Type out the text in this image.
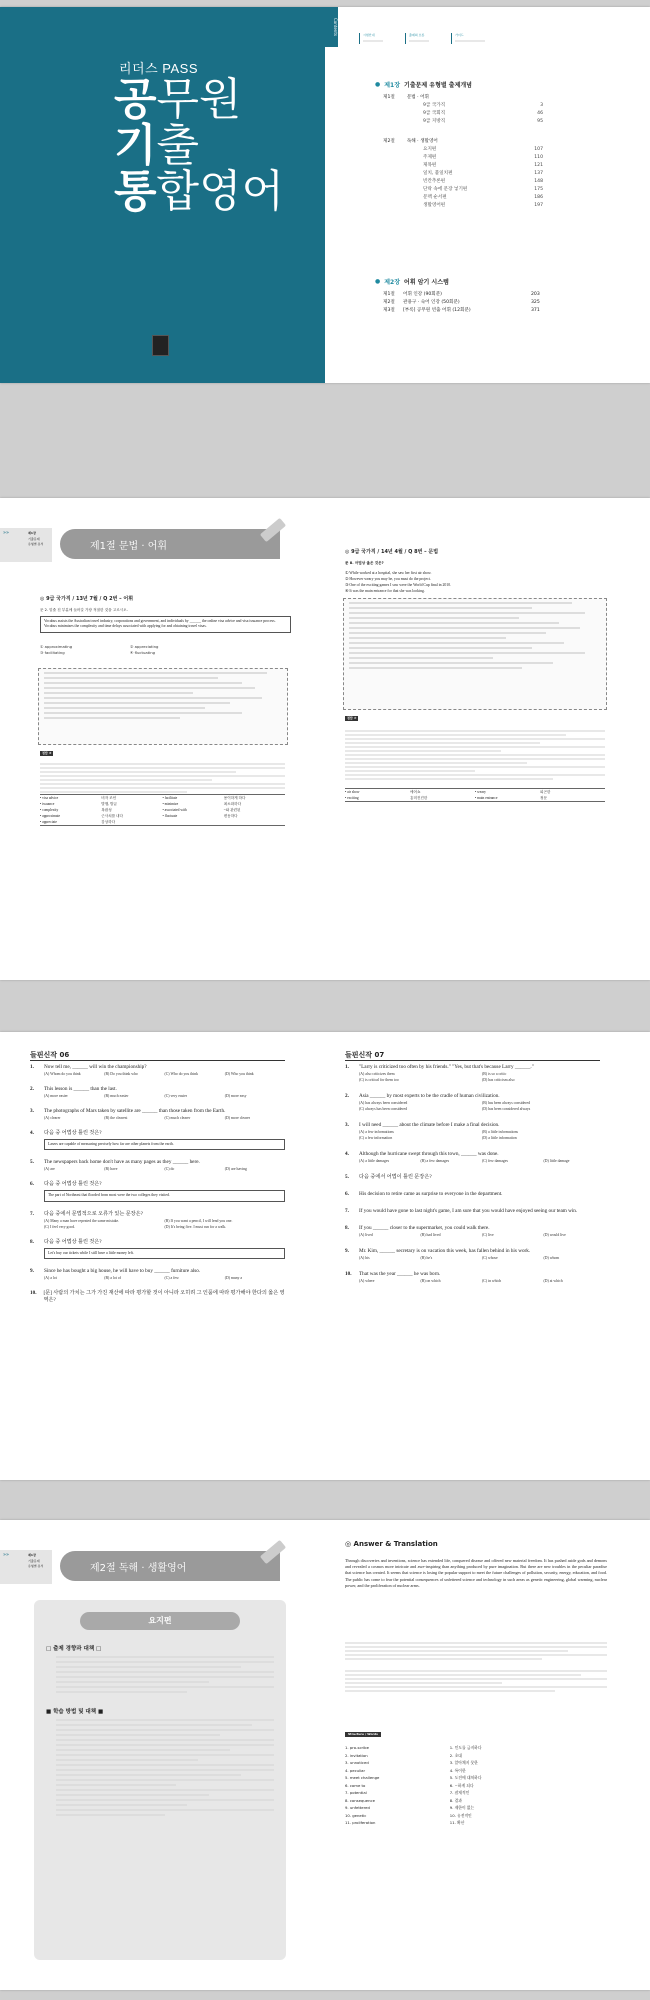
리더스 PASS
공무원
기출
통합영어
Contents	시험안내	출제의 흐름	가이드
● 제1장 기출문제 유형별 출제개념
제1절	문법 · 어휘
9급 국가직	3
9급 국회직	46
9급 지방직	95
제2절	독해 · 생활영어
요지편	107
주제편	110
제목편	121
일치, 불일치편	137
빈칸추론편	148
단락 속에 문장 넣기편	175
문맥 순서편	186
생활영어편	197
● 제2장 어휘 암기 시스템
제1절	어휘 인강 (90회분)	203
제2절	관용구 · 숙어 인강 (50회분)	325
제3절	[부록] 공무원 빈출 어휘 (12회분)	371
»»	제1장
기출문제
유형별 분석	제1절 문법 · 어휘
◎ 9급 국가직 / 13년 7월 / Q 2번 – 어휘
문 2. 밑줄 친 부분에 들어갈 가장 적절한 것을 고르시오.
Vocabus assists the Australian travel industry, corporations and government, and individuals by ______ the online visa advice and visa issuance process. Vocabus minimizes the complexity and time delays associated with applying for and obtaining travel visas.
① approximating	② appreciating
③ facilitating	④ fluctuating
정답 ③
• visa advice	비자 조언	• facilitate	용이하게 하다
• issuance	발행, 발급	• minimize	최소화하다
• complexity	복잡성	• associated with	~와 관련된
• approximate	근사치를 내다	• fluctuate	변동하다
• appreciate	감상하다
◎ 9급 국가직 / 14년 4월 / Q 8번 – 문법
문 8. 어법상 옳은 것은?
① While worked at a hospital, she saw her first air show.
② However weary you may be, you must do the project.
③ One of the exciting games I saw were the World Cup final in 2010.
④ It was the main entrance for that she was looking.
정답 ②
• air show	에어쇼	• weary	피곤한
• exciting	흥미진진한	• main entrance	정문
들핀신작 06
1.	Now tell me, ______ will win the championship?
(A) Whom do you think	(B) Do you think who	(C) Who do you think	(D) Who you think
2.	This lesson is ______ than the last.
(A) more easier	(B) much easier	(C) very easier	(D) more easy
3.	The photographs of Mars taken by satellite are ______ than those taken from the Earth.
(A) clearer	(B) the clearest	(C) much clearer	(D) more clearer
4.	다음 중 어법상 틀린 것은?
Lasers are capable of measuring precisely how far are other planets from the earth.
5.	The newspapers back home don't have as many pages as they ______ here.
(A) are	(B) have	(C) do	(D) are having
6.	다음 중 어법상 틀린 것은?
The part of Northeast that flooded from most were the two colleges they visited.
7.	다음 중에서 문법적으로 오류가 있는 문장은?
(A) Many a man have repeated the same mistake.	(B) If you want a pencil, I will lend you one.
(C) I feel very good.	(D) It's being five. I must run for a walk.
8.	다음 중 어법상 틀린 것은?
Let's buy our tickets while I still have a little money left.
9.	Since he has bought a big house, he will have to buy ______ furniture also.
(A) a lot	(B) a lot of	(C) a few	(D) many a
10.	[문] 사람의 가치는 그가 가진 재산에 따라 평가할 것이 아니라 오히려 그 인품에 따라 평가해야 한다의 옳은 영역은?
들핀신작 07
1.	"Larry is criticized too often by his friends." "Yes, but that's because Larry ______."
(A) also criticizes them	(B) is so a critic
(C) is critical for them too	(D) has criticism also
2.	Asia ______ by most experts to be the cradle of human civilization.
(A) has always been considered	(B) has been always considered
(C) always has been considered	(D) has been considered always
3.	I will need ______ about the climate before I make a final decision.
(A) a few informations	(B) a little informations
(C) a few information	(D) a little information
4.	Although the hurricane swept through this town, ______ was done.
(A) a little damages	(B) a few damages	(C) few damages	(D) little damage
5.	다음 중에서 어법이 틀린 문장은?
6.	His decision to retire came as surprise to everyone in the department.
7.	If you would have gone to last night's game, I am sure that you would have enjoyed seeing our team win.
8.	If you ______ closer to the supermarket, you could walk there.
(A) lived	(B) had lived	(C) live	(D) would live
9.	Mr. Kim, ______ secretary is on vacation this week, has fallen behind in his work.
(A) his	(B) he's	(C) whose	(D) whom
10.	That was the year ______ he was born.
(A) where	(B) on which	(C) in which	(D) at which
»»	제1장
기출문제
유형별 분석	제2절 독해 · 생활영어
요지편
□ 출제 경향과 대책 □
■ 학습 방법 및 대책 ■
◎ Answer & Translation
Through discoveries and inventions, science has extended life, conquered disease and offered new material freedom. It has pushed aside gods and demons and revealed a cosmos more intricate and awe-inspiring than anything produced by pure imagination. But there are new troubles in the peculiar paradise that science has created. It seems that science is losing the popular support to meet the future challenges of pollution, security, energy, education, and food. The public has come to fear the potential consequences of unfettered science and technology in such areas as genetic engineering, global warming, nuclear power, and the proliferation of nuclear arms.
Structure / Words
1. pro-scribe	1. 인도를 금지하다
2. invitation	2. 초대
3. unnoticed	3. 알아채지 못한
4. peculiar	4. 특이한
5. meet challenge	5. 도전에 대처하다
6. come to	6. ~하게 되다
7. potential	7. 잠재적인
8. consequence	8. 결과
9. unfettered	9. 제한이 없는
10. genetic	10. 유전적인
11. proliferation	11. 확산
